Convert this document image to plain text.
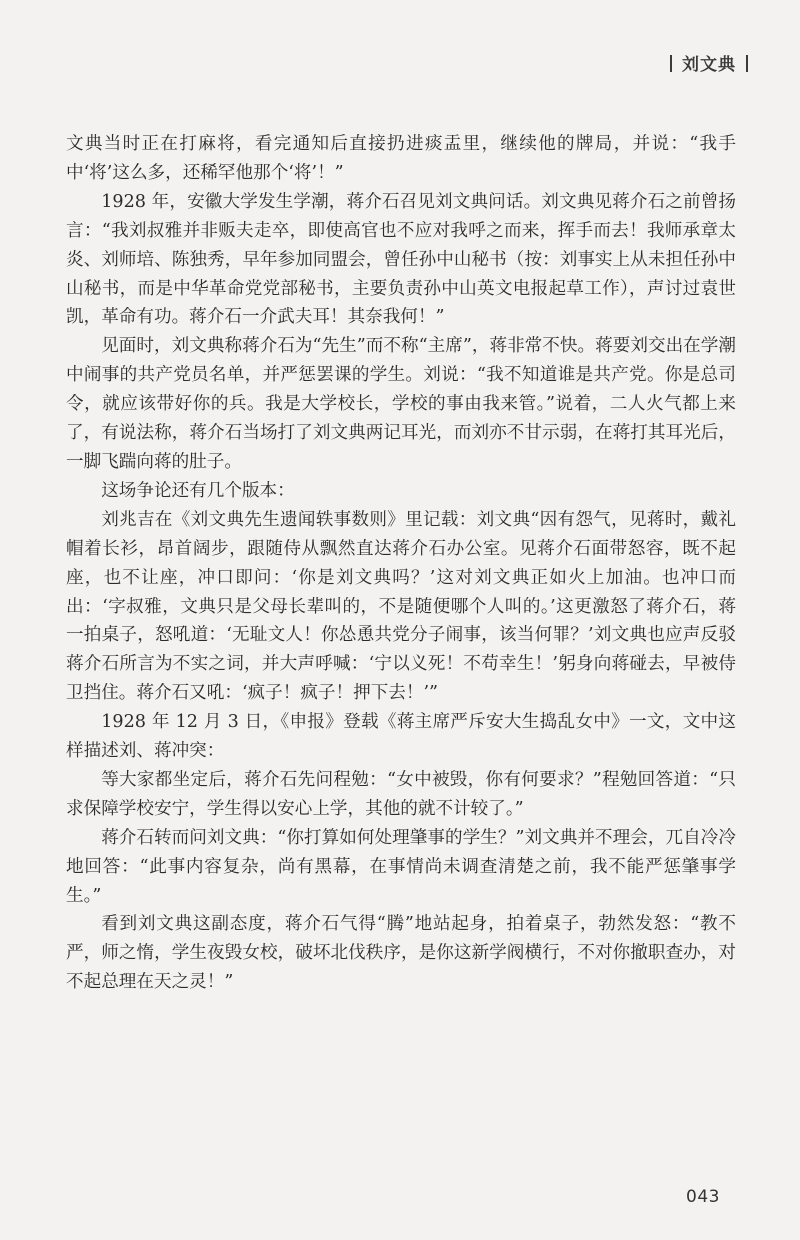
刘文典

文典当时正在打麻将，看完通知后直接扔进痰盂里，继续他的牌局，并说：“我手中‘将’这么多，还稀罕他那个‘将’！”

1928 年，安徽大学发生学潮，蒋介石召见刘文典问话。刘文典见蒋介石之前曾扬言：“我刘叔雅并非贩夫走卒，即使高官也不应对我呼之而来，挥手而去！我师承章太炎、刘师培、陈独秀，早年参加同盟会，曾任孙中山秘书（按：刘事实上从未担任孙中山秘书，而是中华革命党党部秘书，主要负责孙中山英文电报起草工作），声讨过袁世凯，革命有功。蒋介石一介武夫耳！其奈我何！”

见面时，刘文典称蒋介石为“先生”而不称“主席”，蒋非常不快。蒋要刘交出在学潮中闹事的共产党员名单，并严惩罢课的学生。刘说：“我不知道谁是共产党。你是总司令，就应该带好你的兵。我是大学校长，学校的事由我来管。”说着，二人火气都上来了，有说法称，蒋介石当场打了刘文典两记耳光，而刘亦不甘示弱，在蒋打其耳光后，一脚飞踹向蒋的肚子。

这场争论还有几个版本：

刘兆吉在《刘文典先生遗闻轶事数则》里记载：刘文典“因有怨气，见蒋时，戴礼帽着长衫，昂首阔步，跟随侍从飘然直达蒋介石办公室。见蒋介石面带怒容，既不起座，也不让座，冲口即问：‘你是刘文典吗？’这对刘文典正如火上加油。也冲口而出：‘字叔雅，文典只是父母长辈叫的，不是随便哪个人叫的。’这更激怒了蒋介石，蒋一拍桌子，怒吼道：‘无耻文人！你怂恿共党分子闹事，该当何罪？’刘文典也应声反驳蒋介石所言为不实之词，并大声呼喊：‘宁以义死！不苟幸生！’躬身向蒋碰去，早被侍卫挡住。蒋介石又吼：‘疯子！疯子！押下去！’”

1928 年 12 月 3 日，《申报》登载《蒋主席严斥安大生捣乱女中》一文，文中这样描述刘、蒋冲突：

等大家都坐定后，蒋介石先问程勉：“女中被毁，你有何要求？”程勉回答道：“只求保障学校安宁，学生得以安心上学，其他的就不计较了。”

蒋介石转而问刘文典：“你打算如何处理肇事的学生？”刘文典并不理会，兀自冷冷地回答：“此事内容复杂，尚有黑幕，在事情尚未调查清楚之前，我不能严惩肇事学生。”

看到刘文典这副态度，蒋介石气得“腾”地站起身，拍着桌子，勃然发怒：“教不严，师之惰，学生夜毁女校，破坏北伐秩序，是你这新学阀横行，不对你撤职查办，对不起总理在天之灵！”

043
